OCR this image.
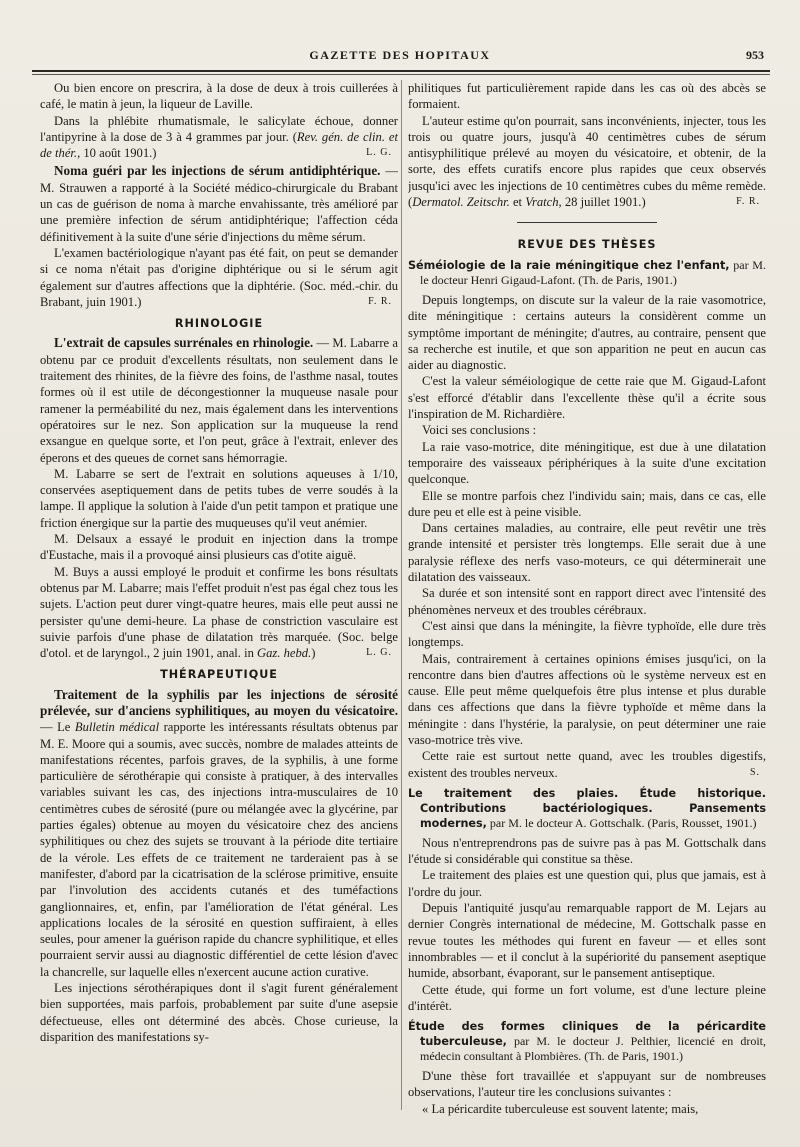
GAZETTE DES HOPITAUX	953

Ou bien encore on prescrira, à la dose de deux à trois cuillerées à café, le matin à jeun, la liqueur de Laville.

Dans la phlébite rhumatismale, le salicylate échoue, donner l'antipyrine à la dose de 3 à 4 grammes par jour. (Rev. gén. de clin. et de thér., 10 août 1901.)	L. G.

Noma guéri par les injections de sérum antidiphtérique. — M. Strauwen a rapporté à la Société médico-chirurgicale du Brabant un cas de guérison de noma à marche envahissante, très amélioré par une première infection de sérum antidiphtérique; l'affection céda définitivement à la suite d'une série d'injections du même sérum.

L'examen bactériologique n'ayant pas été fait, on peut se demander si ce noma n'était pas d'origine diphtérique ou si le sérum agit également sur d'autres affections que la diphtérie. (Soc. méd.-chir. du Brabant, juin 1901.)	F. R.

RHINOLOGIE

L'extrait de capsules surrénales en rhinologie. — M. Labarre a obtenu par ce produit d'excellents résultats, non seulement dans le traitement des rhinites, de la fièvre des foins, de l'asthme nasal, toutes formes où il est utile de décongestionner la muqueuse nasale pour ramener la perméabilité du nez, mais également dans les interventions opératoires sur le nez. Son application sur la muqueuse la rend exsangue en quelque sorte, et l'on peut, grâce à l'extrait, enlever des éperons et des queues de cornet sans hémorragie.

M. Labarre se sert de l'extrait en solutions aqueuses à 1/10, conservées aseptiquement dans de petits tubes de verre soudés à la lampe. Il applique la solution à l'aide d'un petit tampon et pratique une friction énergique sur la partie des muqueuses qu'il veut anémier.

M. Delsaux a essayé le produit en injection dans la trompe d'Eustache, mais il a provoqué ainsi plusieurs cas d'otite aiguë.

M. Buys a aussi employé le produit et confirme les bons résultats obtenus par M. Labarre; mais l'effet produit n'est pas égal chez tous les sujets. L'action peut durer vingt-quatre heures, mais elle peut aussi ne persister qu'une demi-heure. La phase de constriction vasculaire est suivie parfois d'une phase de dilatation très marquée. (Soc. belge d'otol. et de laryngol., 2 juin 1901, anal. in Gaz. hebd.)	L. G.

THÉRAPEUTIQUE

Traitement de la syphilis par les injections de sérosité prélevée, sur d'anciens syphilitiques, au moyen du vésicatoire. — Le Bulletin médical rapporte les intéressants résultats obtenus par M. E. Moore qui a soumis, avec succès, nombre de malades atteints de manifestations récentes, parfois graves, de la syphilis, à une forme particulière de sérothérapie qui consiste à pratiquer, à des intervalles variables suivant les cas, des injections intra-musculaires de 10 centimètres cubes de sérosité (pure ou mélangée avec la glycérine, par parties égales) obtenue au moyen du vésicatoire chez des anciens syphilitiques ou chez des sujets se trouvant à la période dite tertiaire de la vérole. Les effets de ce traitement ne tarderaient pas à se manifester, d'abord par la cicatrisation de la sclérose primitive, ensuite par l'involution des accidents cutanés et des tuméfactions ganglionnaires, et, enfin, par l'amélioration de l'état général. Les applications locales de la sérosité en question suffiraient, à elles seules, pour amener la guérison rapide du chancre syphilitique, et elles pourraient servir aussi au diagnostic différentiel de cette lésion d'avec la chancrelle, sur laquelle elles n'exercent aucune action curative.

Les injections sérothérapiques dont il s'agit furent généralement bien supportées, mais parfois, probablement par suite d'une asepsie défectueuse, elles ont déterminé des abcès. Chose curieuse, la disparition des manifestations sy-

philitiques fut particulièrement rapide dans les cas où des abcès se formaient.

L'auteur estime qu'on pourrait, sans inconvénients, injecter, tous les trois ou quatre jours, jusqu'à 40 centimètres cubes de sérum antisyphilitique prélevé au moyen du vésicatoire, et obtenir, de la sorte, des effets curatifs encore plus rapides que ceux observés jusqu'ici avec les injections de 10 centimètres cubes du même remède. (Dermatol. Zeitschr. et Vratch, 28 juillet 1901.)	F. R.

REVUE DES THÈSES

Séméiologie de la raie méningitique chez l'enfant, par M. le docteur Henri Gigaud-Lafont. (Th. de Paris, 1901.)

Depuis longtemps, on discute sur la valeur de la raie vasomotrice, dite méningitique : certains auteurs la considèrent comme un symptôme important de méningite; d'autres, au contraire, pensent que sa recherche est inutile, et que son apparition ne peut en aucun cas aider au diagnostic.

C'est la valeur séméiologique de cette raie que M. Gigaud-Lafont s'est efforcé d'établir dans l'excellente thèse qu'il a écrite sous l'inspiration de M. Richardière.

Voici ses conclusions :

La raie vaso-motrice, dite méningitique, est due à une dilatation temporaire des vaisseaux périphériques à la suite d'une excitation quelconque.

Elle se montre parfois chez l'individu sain; mais, dans ce cas, elle dure peu et elle est à peine visible.

Dans certaines maladies, au contraire, elle peut revêtir une très grande intensité et persister très longtemps. Elle serait due à une paralysie réflexe des nerfs vaso-moteurs, ce qui déterminerait une dilatation des vaisseaux.

Sa durée et son intensité sont en rapport direct avec l'intensité des phénomènes nerveux et des troubles cérébraux.

C'est ainsi que dans la méningite, la fièvre typhoïde, elle dure très longtemps.

Mais, contrairement à certaines opinions émises jusqu'ici, on la rencontre dans bien d'autres affections où le système nerveux est en cause. Elle peut même quelquefois être plus intense et plus durable dans ces affections que dans la fièvre typhoïde et même dans la méningite : dans l'hystérie, la paralysie, on peut déterminer une raie vaso-motrice très vive.

Cette raie est surtout nette quand, avec les troubles digestifs, existent des troubles nerveux.	S.

Le traitement des plaies. Étude historique. Contributions bactériologiques. Pansements modernes, par M. le docteur A. Gottschalk. (Paris, Rousset, 1901.)

Nous n'entreprendrons pas de suivre pas à pas M. Gottschalk dans l'étude si considérable qui constitue sa thèse.

Le traitement des plaies est une question qui, plus que jamais, est à l'ordre du jour.

Depuis l'antiquité jusqu'au remarquable rapport de M. Lejars au dernier Congrès international de médecine, M. Gottschalk passe en revue toutes les méthodes qui furent en faveur — et elles sont innombrables — et il conclut à la supériorité du pansement aseptique humide, absorbant, évaporant, sur le pansement antiseptique.

Cette étude, qui forme un fort volume, est d'une lecture pleine d'intérêt.

Étude des formes cliniques de la péricardite tuberculeuse, par M. le docteur J. Pelthier, licencié en droit, médecin consultant à Plombières. (Th. de Paris, 1901.)

D'une thèse fort travaillée et s'appuyant sur de nombreuses observations, l'auteur tire les conclusions suivantes :

« La péricardite tuberculeuse est souvent latente; mais,
